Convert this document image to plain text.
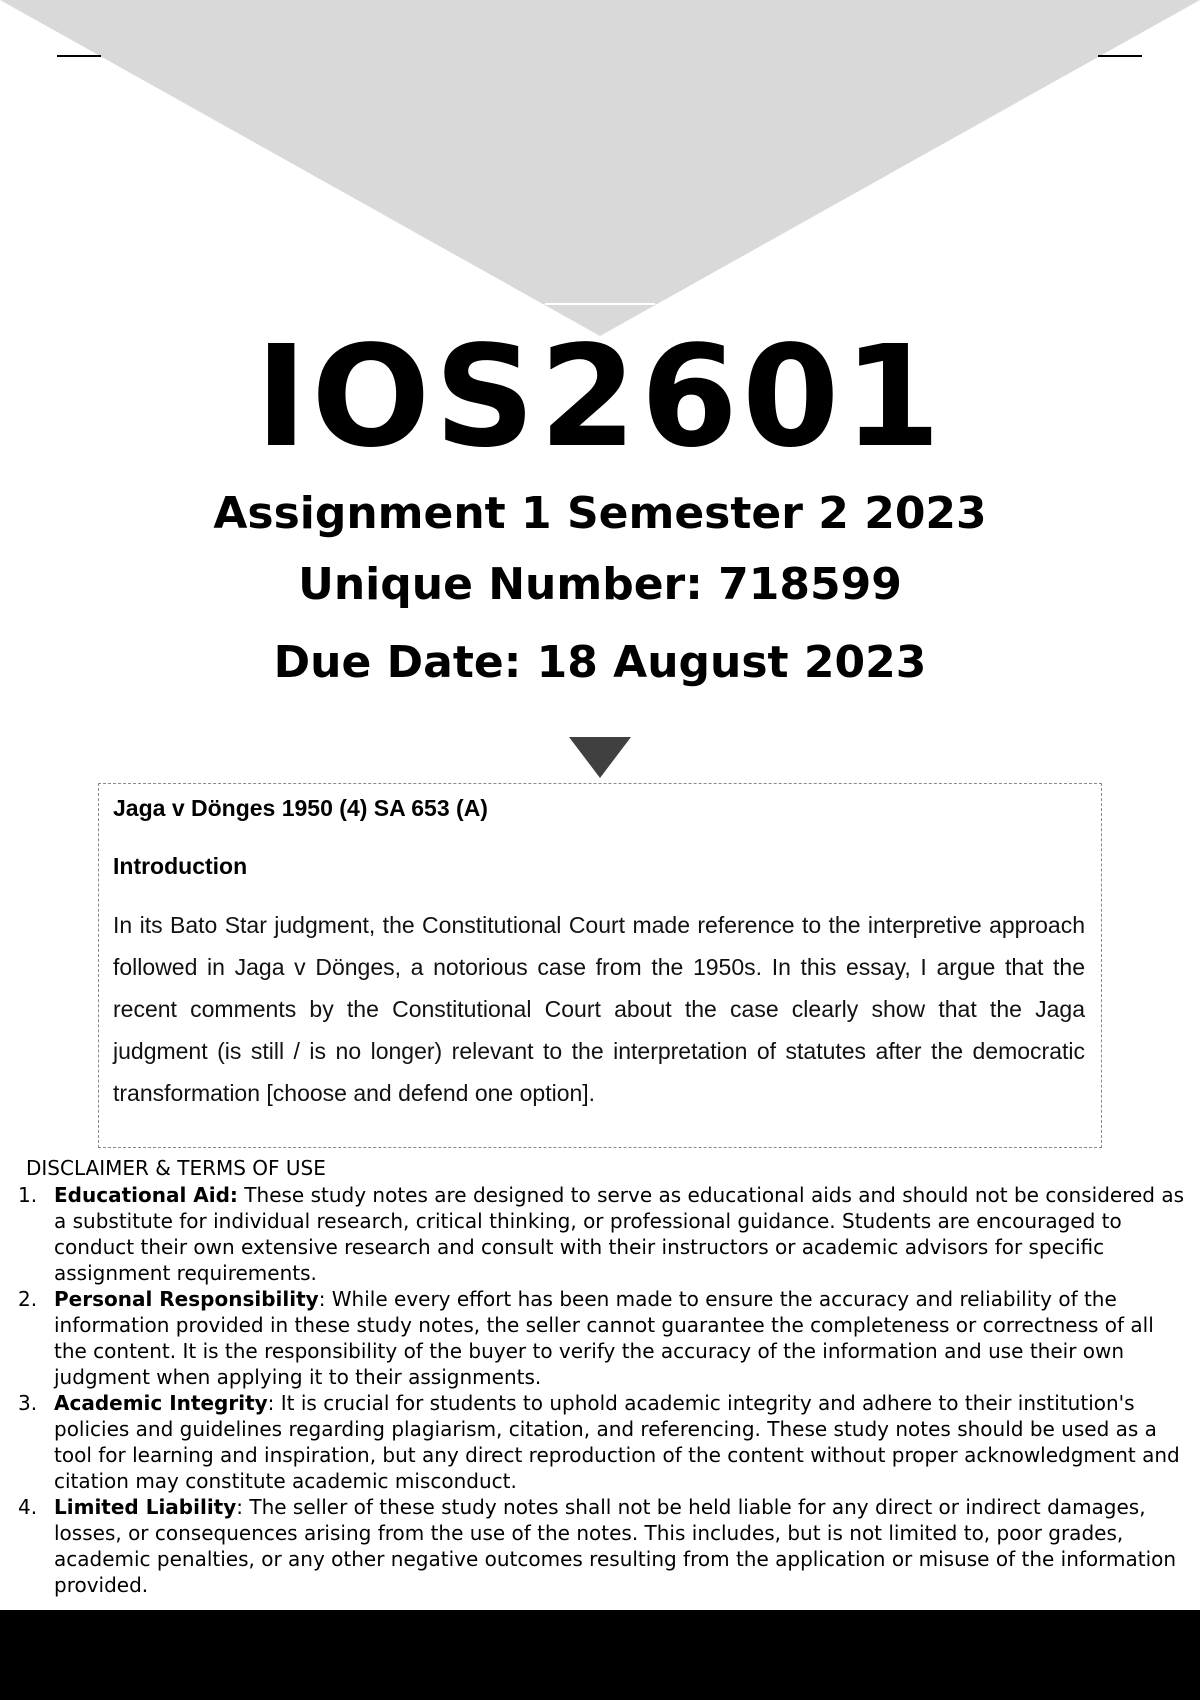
IOS2601
Assignment 1 Semester 2 2023
Unique Number: 718599
Due Date: 18 August 2023
Jaga v Dönges 1950 (4) SA 653 (A)
Introduction
In its Bato Star judgment, the Constitutional Court made reference to the interpretive approach followed in Jaga v Dönges, a notorious case from the 1950s. In this essay, I argue that the recent comments by the Constitutional Court about the case clearly show that the Jaga judgment (is still / is no longer) relevant to the interpretation of statutes after the democratic transformation [choose and defend one option].
DISCLAIMER & TERMS OF USE
1. Educational Aid: These study notes are designed to serve as educational aids and should not be considered as a substitute for individual research, critical thinking, or professional guidance. Students are encouraged to conduct their own extensive research and consult with their instructors or academic advisors for specific assignment requirements.
2. Personal Responsibility: While every effort has been made to ensure the accuracy and reliability of the information provided in these study notes, the seller cannot guarantee the completeness or correctness of all the content. It is the responsibility of the buyer to verify the accuracy of the information and use their own judgment when applying it to their assignments.
3. Academic Integrity: It is crucial for students to uphold academic integrity and adhere to their institution's policies and guidelines regarding plagiarism, citation, and referencing. These study notes should be used as a tool for learning and inspiration, but any direct reproduction of the content without proper acknowledgment and citation may constitute academic misconduct.
4. Limited Liability: The seller of these study notes shall not be held liable for any direct or indirect damages, losses, or consequences arising from the use of the notes. This includes, but is not limited to, poor grades, academic penalties, or any other negative outcomes resulting from the application or misuse of the information provided.
